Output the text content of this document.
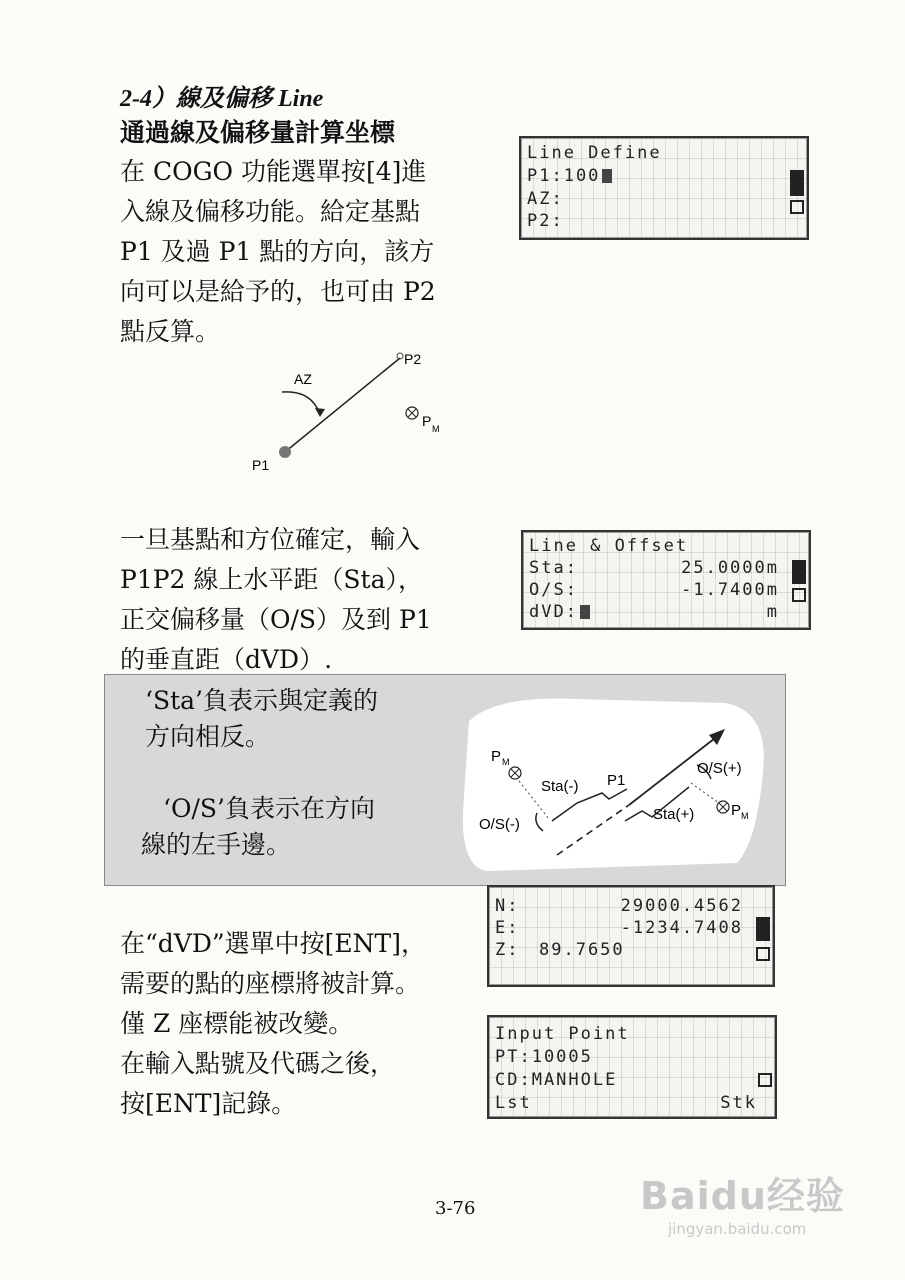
2-4）線及偏移 Line
通過線及偏移量計算坐標
在 COGO 功能選單按[4]進
入線及偏移功能。給定基點
P1 及過 P1 點的方向，該方
向可以是給予的，也可由 P2
點反算。
Line Define
P1:100
AZ:
P2:
AZ
P1
P2
P M
一旦基點和方位確定，輸入
P1P2 線上水平距（Sta），
正交偏移量（O/S）及到 P1
的垂直距（dVD）.
Line & Offset
Sta:	25.0000m
O/S:	-1.7400m
dVD:	m
‘Sta’負表示與定義的
方向相反。
‘O/S’負表示在方向
線的左手邊。
P M
Sta(-) P1
O/S(+)
Sta(+) P M
O/S(-)
N:	29000.4562
E:	-1234.7408
Z: 89.7650
在“dVD”選單中按[ENT]，
需要的點的座標將被計算。
僅 Z 座標能被改變。
在輸入點號及代碼之後，
按[ENT]記錄。
Input Point
PT:10005
CD:MANHOLE
Lst	Stk
3-76	Baidu经验
jingyan.baidu.com
